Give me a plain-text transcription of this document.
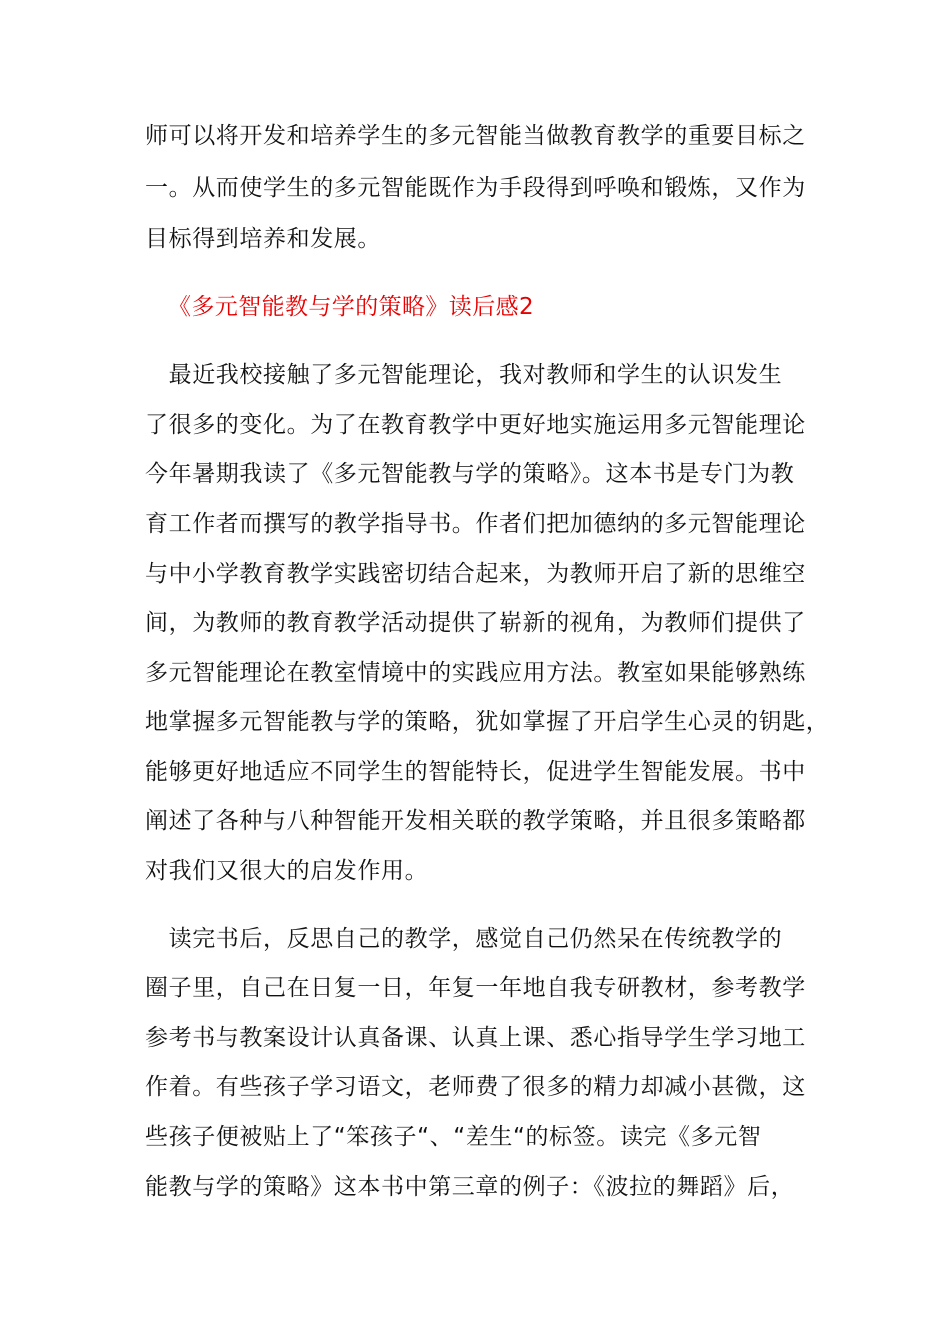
师可以将开发和培养学生的多元智能当做教育教学的重要目标之
一。从而使学生的多元智能既作为手段得到呼唤和锻炼，又作为
目标得到培养和发展。
《多元智能教与学的策略》读后感2
　最近我校接触了多元智能理论，我对教师和学生的认识发生
了很多的变化。为了在教育教学中更好地实施运用多元智能理论
今年暑期我读了《多元智能教与学的策略》。这本书是专门为教
育工作者而撰写的教学指导书。作者们把加德纳的多元智能理论
与中小学教育教学实践密切结合起来，为教师开启了新的思维空
间，为教师的教育教学活动提供了崭新的视角，为教师们提供了
多元智能理论在教室情境中的实践应用方法。教室如果能够熟练
地掌握多元智能教与学的策略，犹如掌握了开启学生心灵的钥匙，
能够更好地适应不同学生的智能特长，促进学生智能发展。书中
阐述了各种与八种智能开发相关联的教学策略，并且很多策略都
对我们又很大的启发作用。
　读完书后，反思自己的教学，感觉自己仍然呆在传统教学的
圈子里，自己在日复一日，年复一年地自我专研教材，参考教学
参考书与教案设计认真备课、认真上课、悉心指导学生学习地工
作着。有些孩子学习语文，老师费了很多的精力却减小甚微，这
些孩子便被贴上了“笨孩子“、“差生“的标签。读完《多元智
能教与学的策略》这本书中第三章的例子：《波拉的舞蹈》后，
